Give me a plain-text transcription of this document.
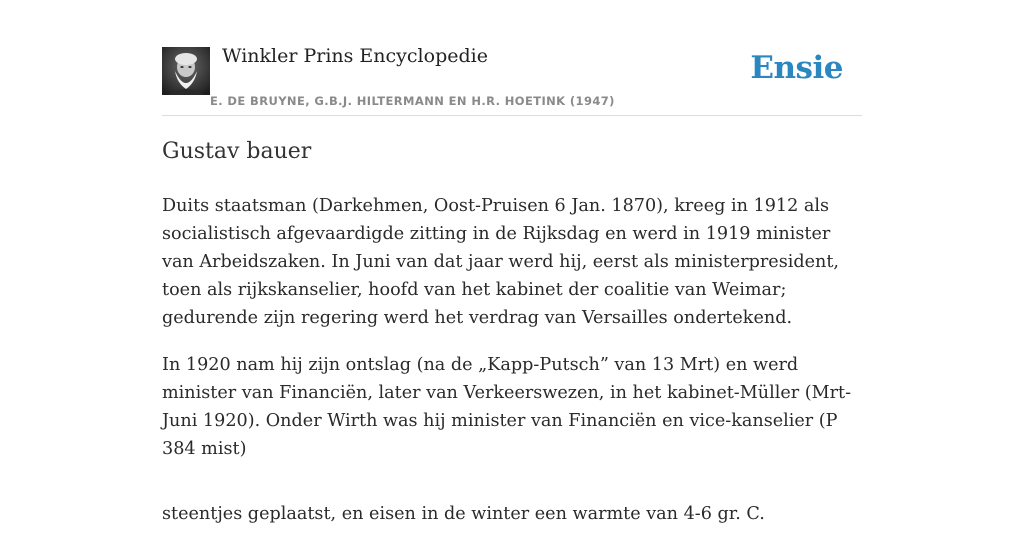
Winkler Prins Encyclopedie
E. DE BRUYNE, G.B.J. HILTERMANN EN H.R. HOETINK (1947)
Ensie
Gustav bauer

Duits staatsman (Darkehmen, Oost-Pruisen 6 Jan. 1870), kreeg in 1912 als socialistisch afgevaardigde zitting in de Rijksdag en werd in 1919 minister van Arbeidszaken. In Juni van dat jaar werd hij, eerst als ministerpresident, toen als rijkskanselier, hoofd van het kabinet der coalitie van Weimar; gedurende zijn regering werd het verdrag van Versailles ondertekend.

In 1920 nam hij zijn ontslag (na de „Kapp-Putsch” van 13 Mrt) en werd minister van Financiën, later van Verkeerswezen, in het kabinet-Müller (Mrt-Juni 1920). Onder Wirth was hij minister van Financiën en vice-kanselier (P 384 mist)

steentjes geplaatst, en eisen in de winter een warmte van 4-6 gr. C.
